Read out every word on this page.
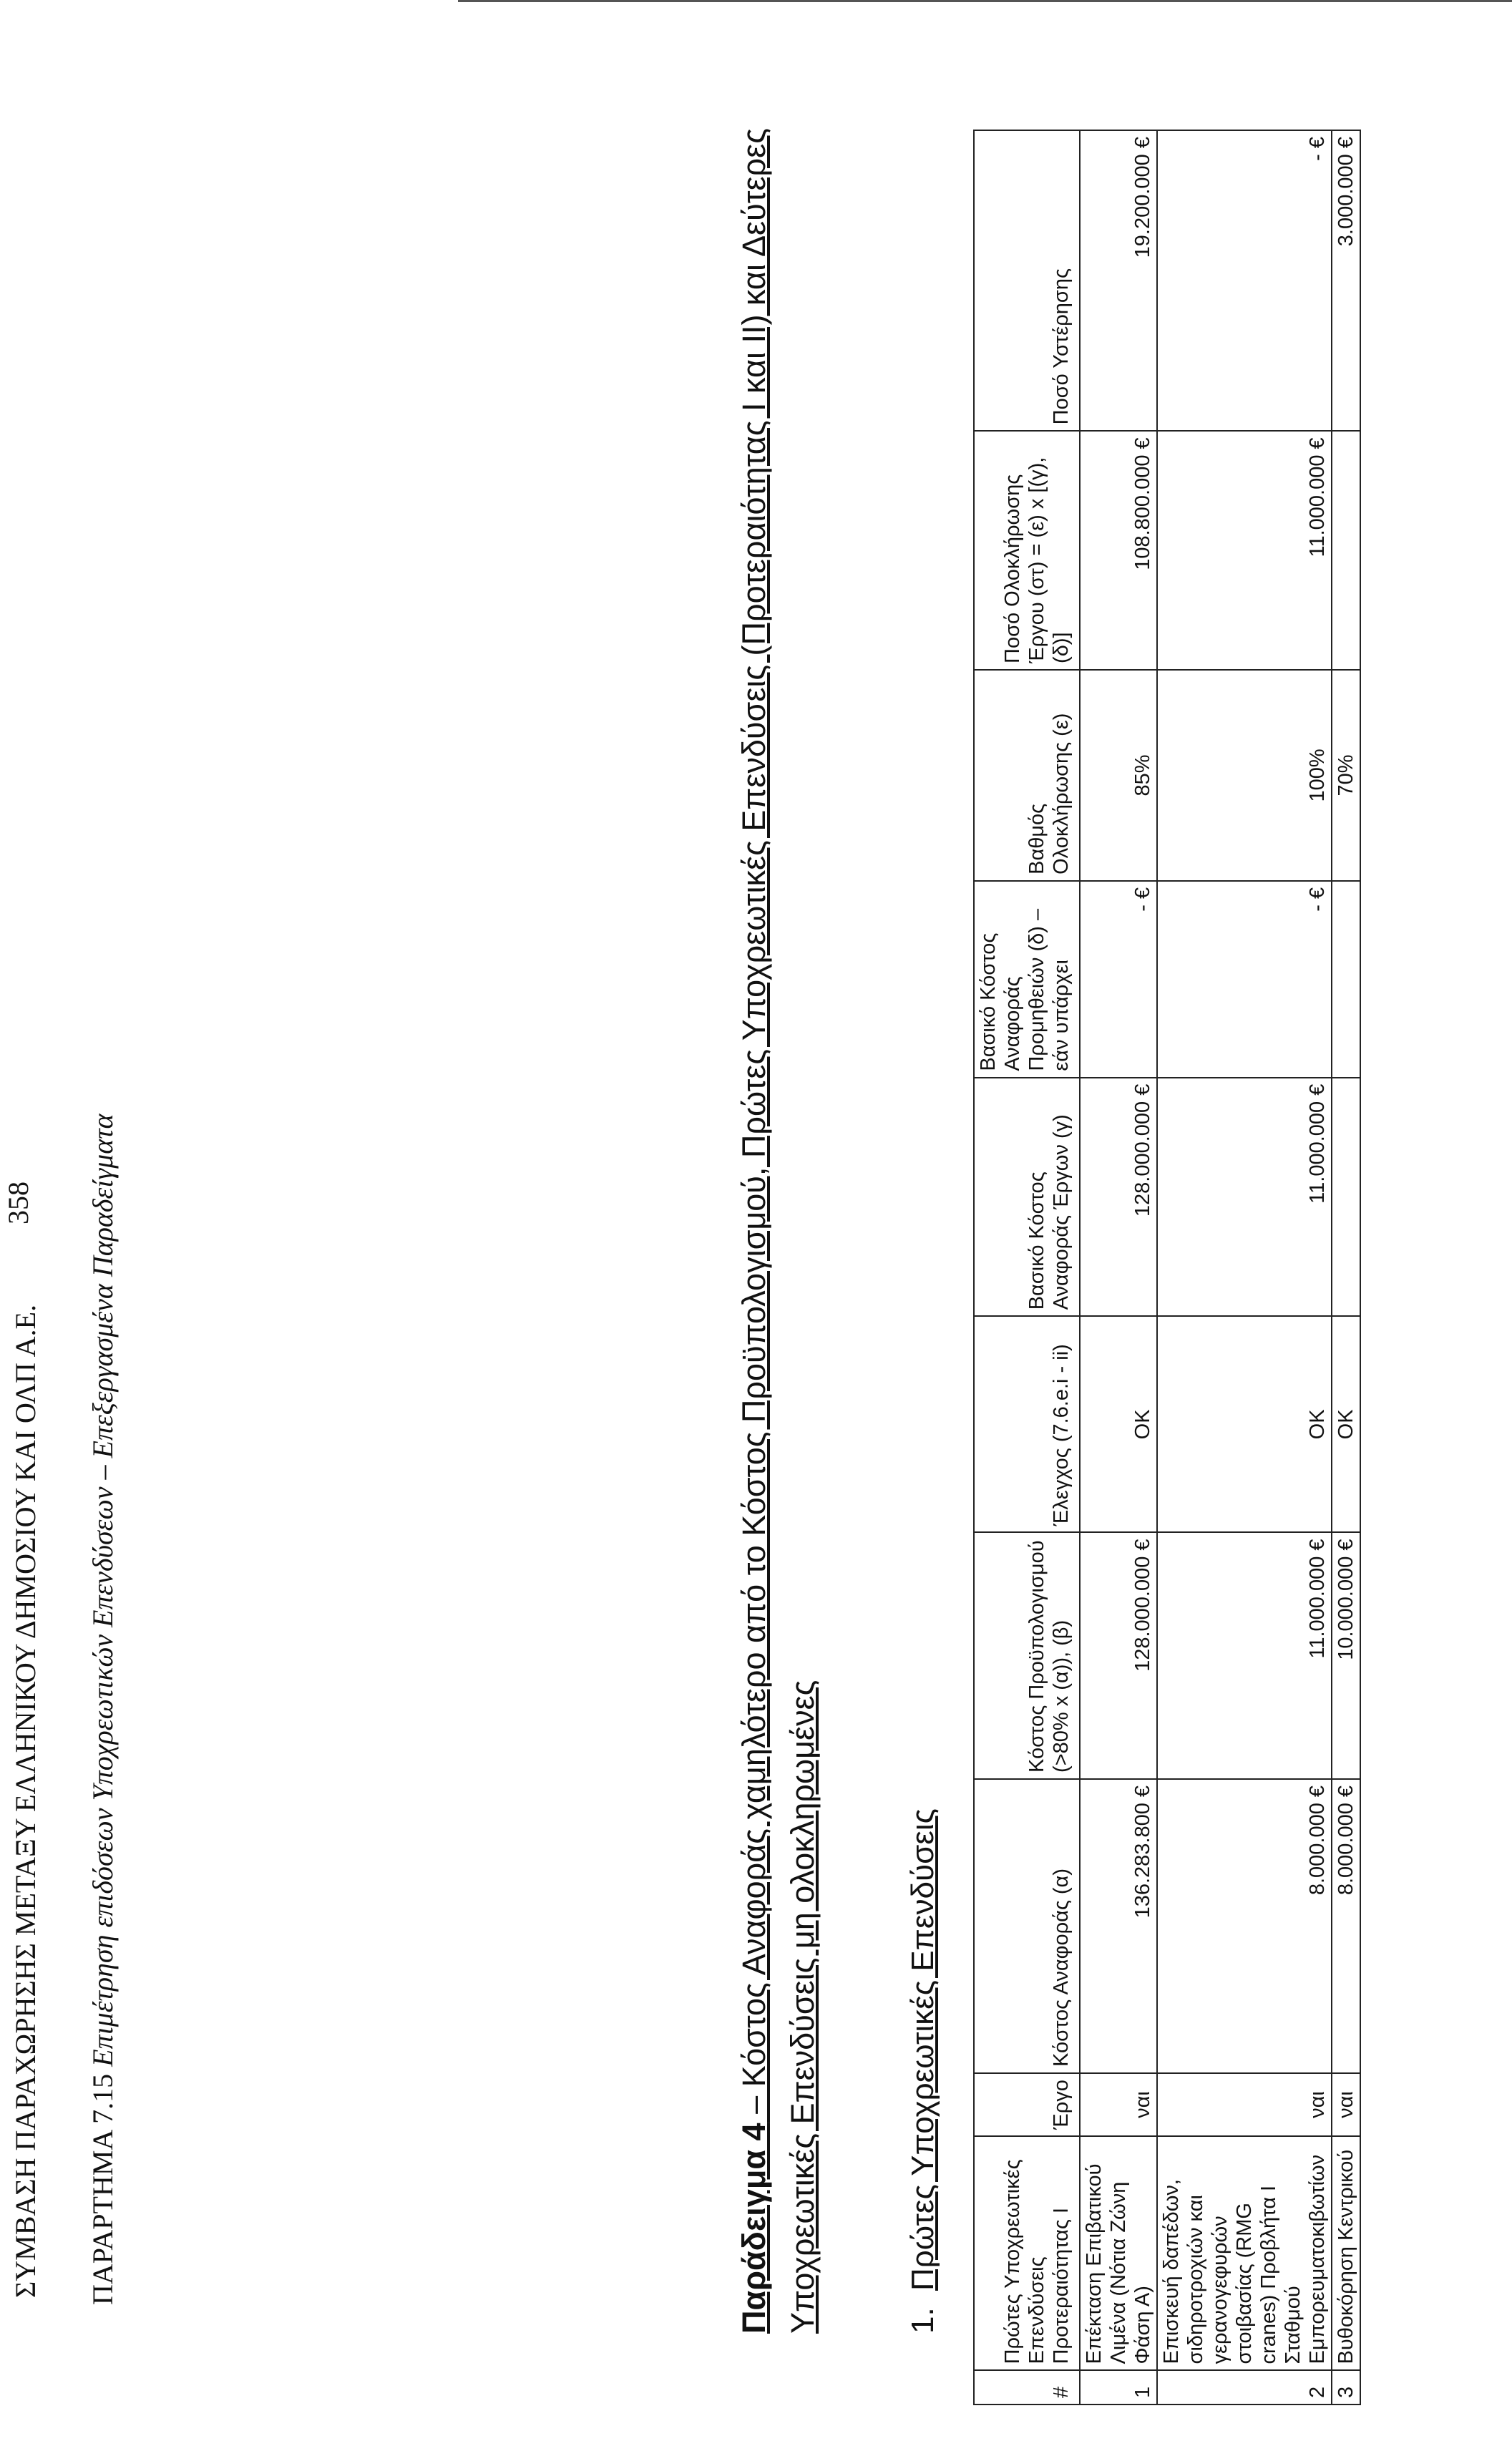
ΣΥΜΒΑΣΗ ΠΑΡΑΧΩΡΗΣΗΣ ΜΕΤΑΞΥ ΕΛΛΗΝΙΚΟΥ ΔΗΜΟΣΙΟΥ ΚΑΙ ΟΛΠ Α.Ε.
358
ΠΑΡΑΡΤΗΜΑ 7.15 Επιμέτρηση επιδόσεων Υποχρεωτικών Επενδύσεων – Επεξεργασμένα Παραδείγματα
Παράδειγμα 4 – Κόστος Αναφοράς χαμηλότερο από το Κόστος Προϋπολογισμού, Πρώτες Υποχρεωτικές Επενδύσεις (Προτεραιότητας I και II) και Δεύτερες Υποχρεωτικές Επενδύσεις μη ολοκληρωμένες	1.Πρώτες Υποχρεωτικές Επενδύσεις
#	Πρώτες Υποχρεωτικές Επενδύσεις Προτεραιότητας I	Έργο	Κόστος Αναφοράς (α)	Κόστος Προϋπολογισμού (>80% x (α)), (β)	Έλεγχος (7.6.e.i - ii)	Βασικό Κόστος Αναφοράς Έργων (γ)	Βασικό Κόστος Αναφοράς Προμηθειών (δ) – εάν υπάρχει	Βαθμός Ολοκλήρωσης (ε)	Ποσό Ολοκλήρωσης Έργου (στ) = (ε) x [(γ),(δ)]	Ποσό Υστέρησης
1	Επέκταση Επιβατικού Λιμένα (Νότια Ζώνη Φάση Α)	ναι	136.283.800 €	128.000.000 €	OK	128.000.000 €	- €	85%	108.800.000 €	19.200.000 €
2	Επισκευή δαπέδων, σιδηροτροχιών και γερανογεφυρών στοιβασίας (RMG cranes) Προβλήτα I Σταθμού Εμπορευματοκιβωτίων	ναι	8.000.000 €	11.000.000 €	OK	11.000.000 €	- €	100%	11.000.000 €	- €
3	Βυθοκόρηση Κεντρικού	ναι	8.000.000 €	10.000.000 €	OK			70%		3.000.000 €
